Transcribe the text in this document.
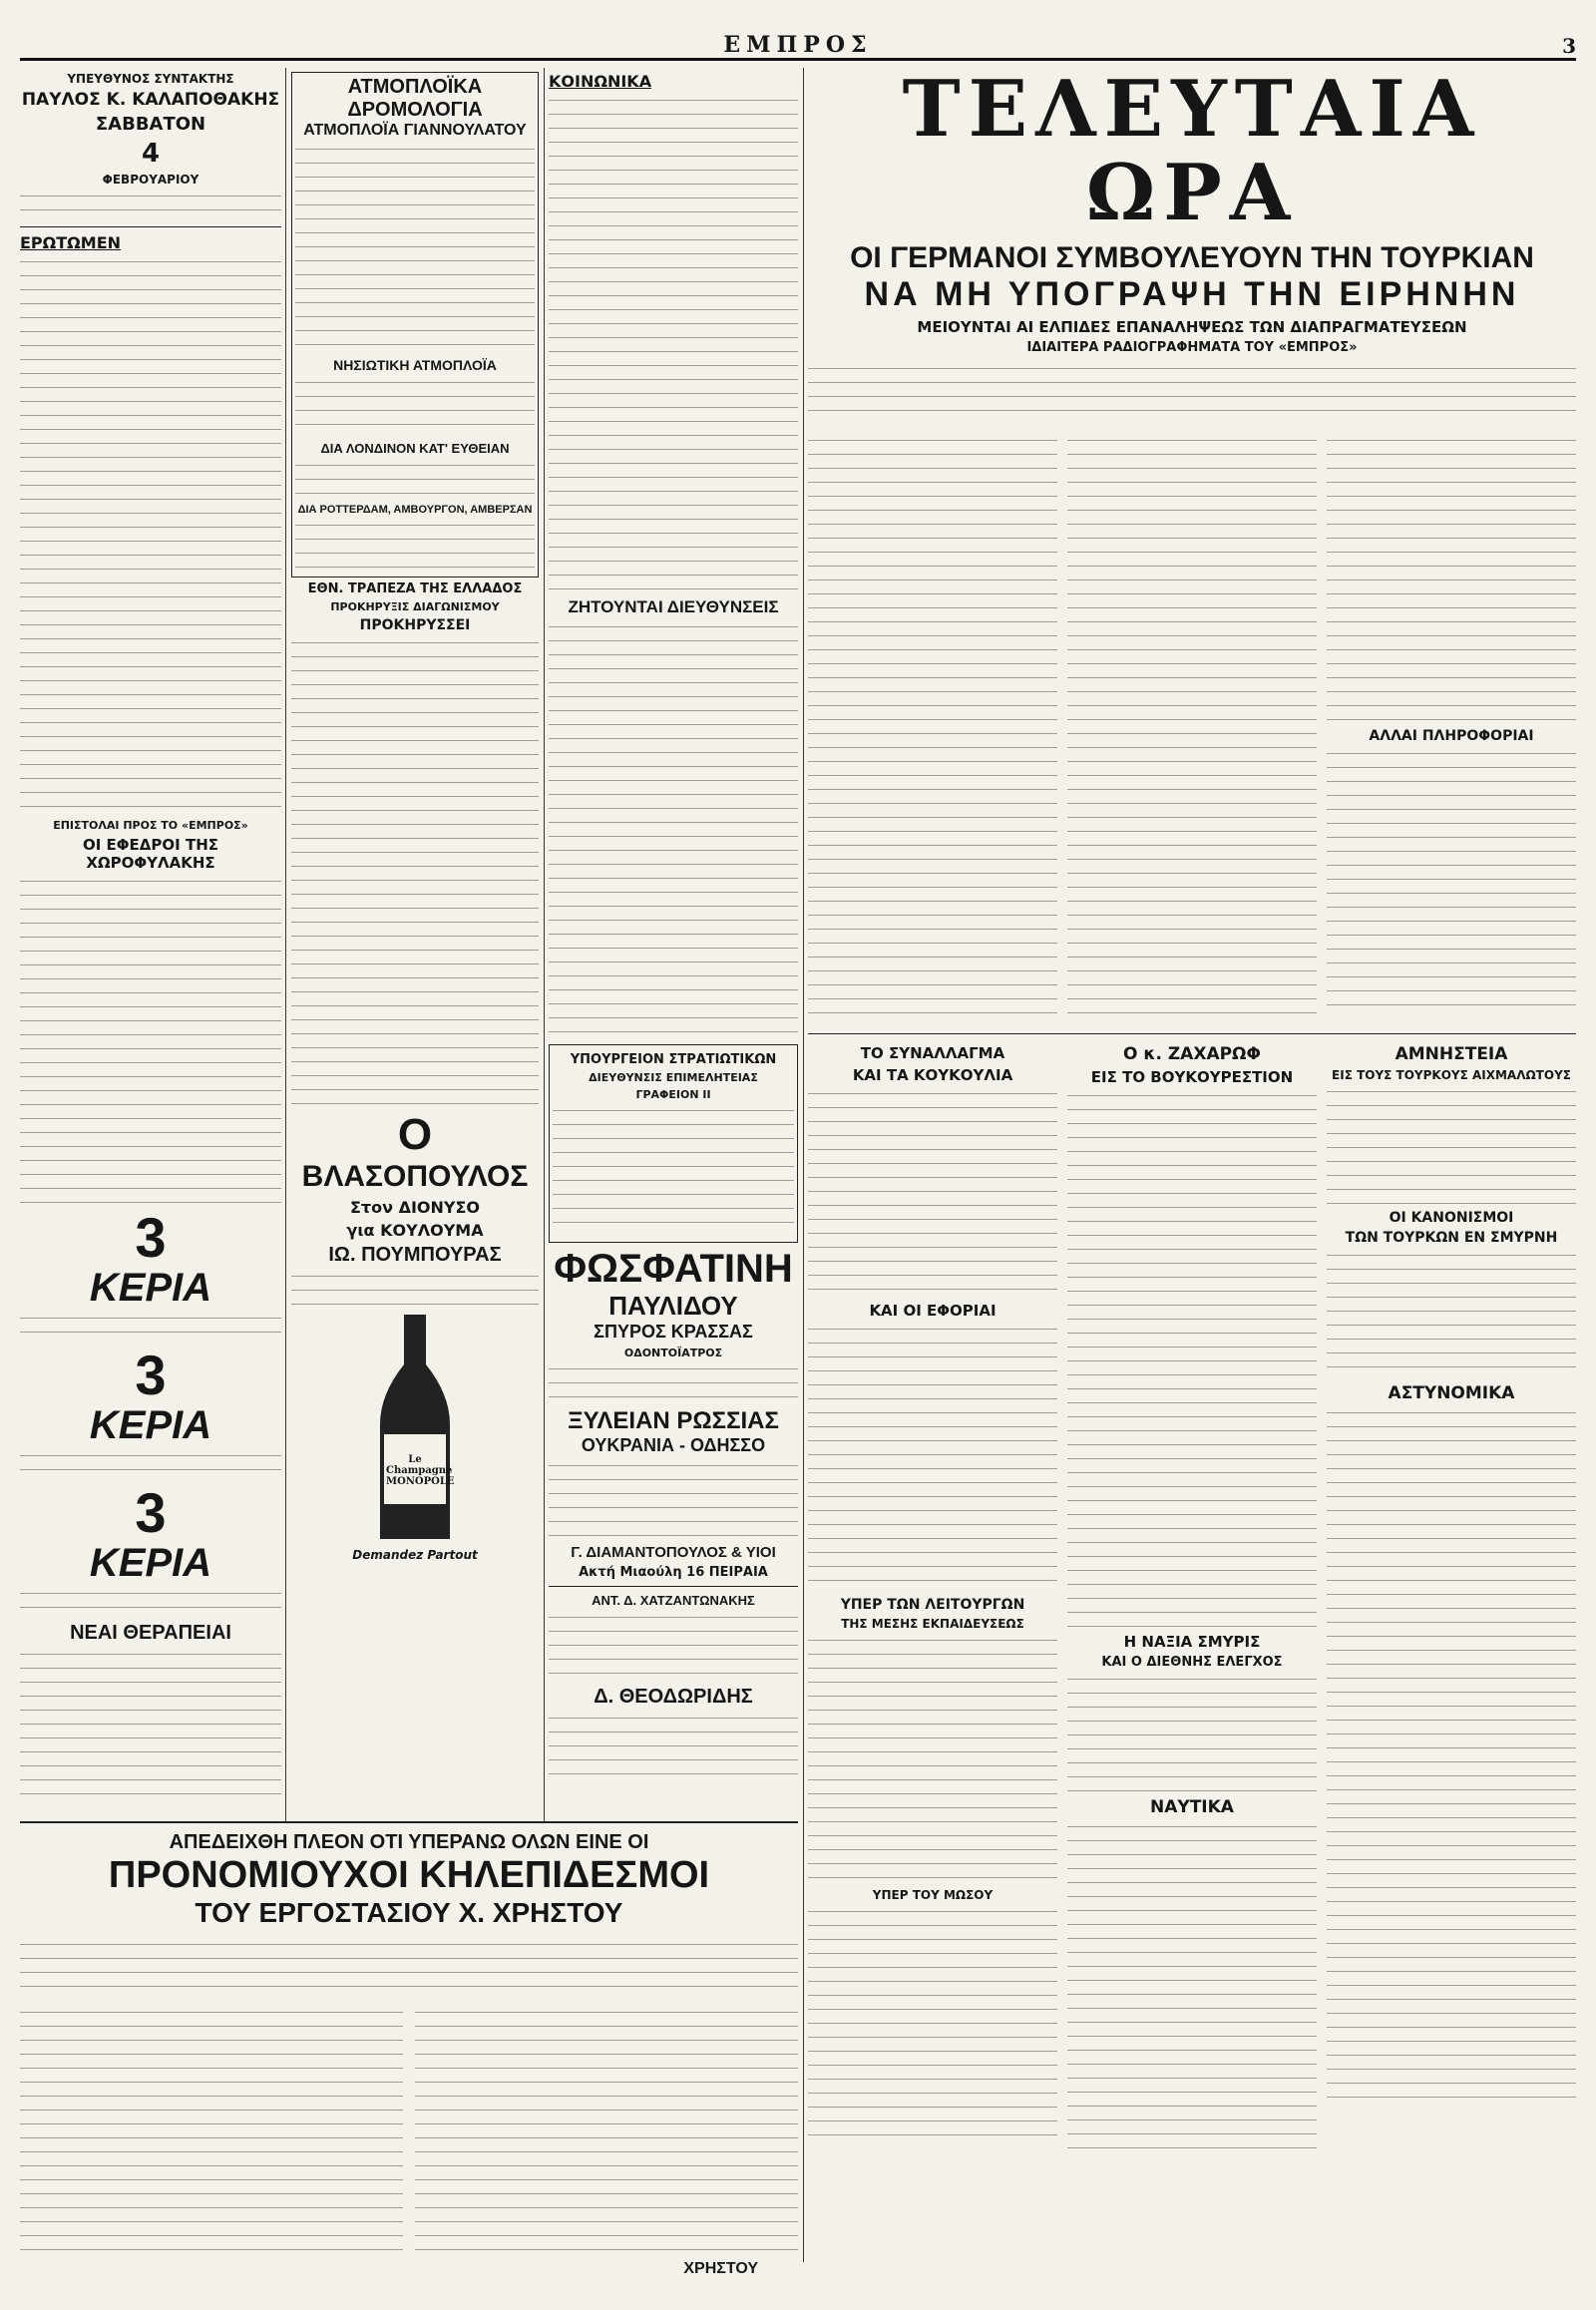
ΕΜΠΡΟΣ	3
ΥΠΕΥΘΥΝΟΣ ΣΥΝΤΑΚΤΗΣ
ΠΑΥΛΟΣ Κ. ΚΑΛΑΠΟΘΑΚΗΣ
ΣΑΒΒΑΤΟΝ
4
ΦΕΒΡΟΥΑΡΙΟΥ
ΕΡΩΤΩΜΕΝ
ΕΠΙΣΤΟΛΑΙ ΠΡΟΣ ΤΟ «ΕΜΠΡΟΣ»
ΟΙ ΕΦΕΔΡΟΙ ΤΗΣ ΧΩΡΟΦΥΛΑΚΗΣ
3
ΚΕΡΙΑ
3
ΚΕΡΙΑ
3
ΚΕΡΙΑ
ΝΕΑΙ ΘΕΡΑΠΕΙΑΙ
ΑΤΜΟΠΛΟΪΚΑ ΔΡΟΜΟΛΟΓΙΑ
ΑΤΜΟΠΛΟΪΑ ΓΙΑΝΝΟΥΛΑΤΟΥ
ΝΗΣΙΩΤΙΚΗ ΑΤΜΟΠΛΟΪΑ
ΔΙΑ ΛΟΝΔΙΝΟΝ ΚΑΤ' ΕΥΘΕΙΑΝ
ΔΙΑ ΡΟΤΤΕΡΔΑΜ, ΑΜΒΟΥΡΓΟΝ, ΑΜΒΕΡΣΑΝ
ΕΘΝ. ΤΡΑΠΕΖΑ ΤΗΣ ΕΛΛΑΔΟΣ
ΠΡΟΚΗΡΥΞΙΣ ΔΙΑΓΩΝΙΣΜΟΥ
ΠΡΟΚΗΡΥΣΣΕΙ
Ο
ΒΛΑΣΟΠΟΥΛΟΣ
Στον ΔΙΟΝΥΣΟ
για ΚΟΥΛΟΥΜΑ
ΙΩ. ΠΟΥΜΠΟΥΡΑΣ
Le Champagne MONOPOLE
Demandez Partout
ΚΟΙΝΩΝΙΚΑ
ΖΗΤΟΥΝΤΑΙ ΔΙΕΥΘΥΝΣΕΙΣ
ΥΠΟΥΡΓΕΙΟΝ ΣΤΡΑΤΙΩΤΙΚΩΝ
ΔΙΕΥΘΥΝΣΙΣ ΕΠΙΜΕΛΗΤΕΙΑΣ
ΓΡΑΦΕΙΟΝ ΙΙ
ΦΩΣΦΑΤΙΝΗ
ΠΑΥΛΙΔΟΥ
ΣΠΥΡΟΣ ΚΡΑΣΣΑΣ
ΟΔΟΝΤΟΪΑΤΡΟΣ
ΞΥΛΕΙΑΝ ΡΩΣΣΙΑΣ
ΟΥΚΡΑΝΙΑ - ΟΔΗΣΣΟ
Γ. ΔΙΑΜΑΝΤΟΠΟΥΛΟΣ & ΥΙΟΙ
Ακτή Μιαούλη 16 ΠΕΙΡΑΙΑ
ΑΝΤ. Δ. ΧΑΤΖΑΝΤΩΝΑΚΗΣ
Δ. ΘΕΟΔΩΡΙΔΗΣ
ΤΕΛΕΥΤΑΙΑ ΩΡΑ
ΟΙ ΓΕΡΜΑΝΟΙ ΣΥΜΒΟΥΛΕΥΟΥΝ ΤΗΝ ΤΟΥΡΚΙΑΝ
ΝΑ ΜΗ ΥΠΟΓΡΑΨΗ ΤΗΝ ΕΙΡΗΝΗΝ
ΜΕΙΟΥΝΤΑΙ ΑΙ ΕΛΠΙΔΕΣ ΕΠΑΝΑΛΗΨΕΩΣ ΤΩΝ ΔΙΑΠΡΑΓΜΑΤΕΥΣΕΩΝ
ΙΔΙΑΙΤΕΡΑ ΡΑΔΙΟΓΡΑΦΗΜΑΤΑ ΤΟΥ «ΕΜΠΡΟΣ»
ΑΛΛΑΙ ΠΛΗΡΟΦΟΡΙΑΙ
ΤΟ ΣΥΝΑΛΛΑΓΜΑ
ΚΑΙ ΤΑ ΚΟΥΚΟΥΛΙΑ
ΚΑΙ ΟΙ ΕΦΟΡΙΑΙ
ΥΠΕΡ ΤΩΝ ΛΕΙΤΟΥΡΓΩΝ
ΤΗΣ ΜΕΣΗΣ ΕΚΠΑΙΔΕΥΣΕΩΣ
ΥΠΕΡ ΤΟΥ ΜΩΣΟΥ
Ο κ. ΖΑΧΑΡΩΦ
ΕΙΣ ΤΟ ΒΟΥΚΟΥΡΕΣΤΙΟΝ
Η ΝΑΞΙΑ ΣΜΥΡΙΣ
ΚΑΙ Ο ΔΙΕΘΝΗΣ ΕΛΕΓΧΟΣ
ΝΑΥΤΙΚΑ
ΑΜΝΗΣΤΕΙΑ
ΕΙΣ ΤΟΥΣ ΤΟΥΡΚΟΥΣ ΑΙΧΜΑΛΩΤΟΥΣ
ΟΙ ΚΑΝΟΝΙΣΜΟΙ
ΤΩΝ ΤΟΥΡΚΩΝ ΕΝ ΣΜΥΡΝΗ
ΑΣΤΥΝΟΜΙΚΑ
ΑΠΕΔΕΙΧΘΗ ΠΛΕΟΝ ΟΤΙ ΥΠΕΡΑΝΩ ΟΛΩΝ ΕΙΝΕ ΟΙ
ΠΡΟΝΟΜΙΟΥΧΟΙ ΚΗΛΕΠΙΔΕΣΜΟΙ
ΤΟΥ ΕΡΓΟΣΤΑΣΙΟΥ Χ. ΧΡΗΣΤΟΥ
ΧΡΗΣΤΟΥ
